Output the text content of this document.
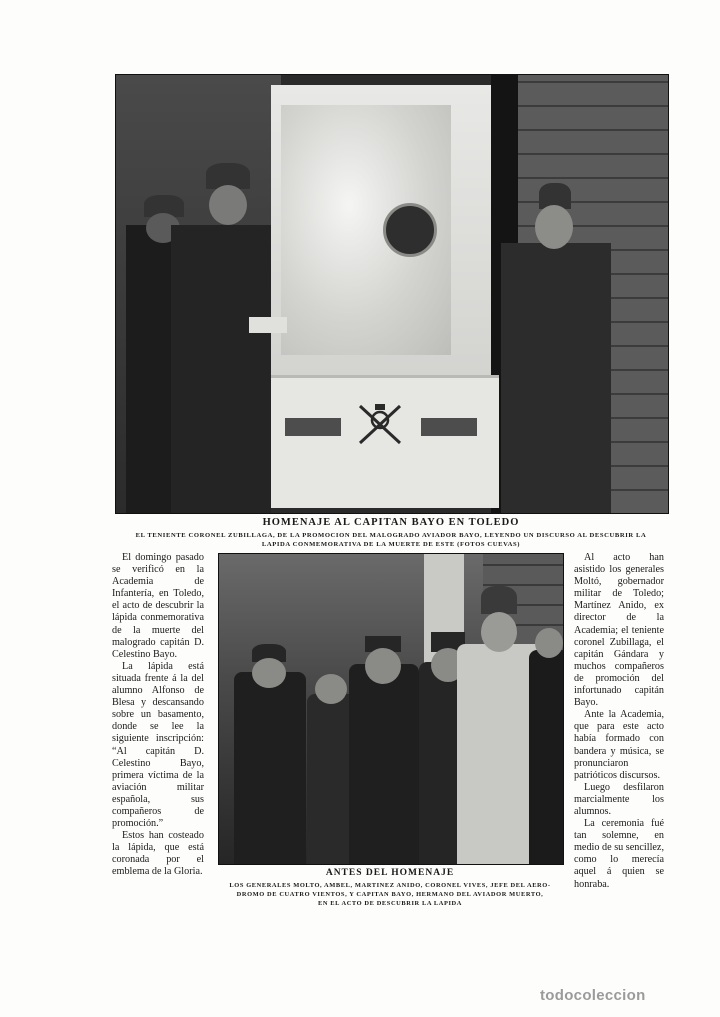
HOMENAJE AL CAPITAN BAYO EN TOLEDO
EL TENIENTE CORONEL ZUBILLAGA, DE LA PROMOCION DEL MALOGRADO AVIADOR BAYO, LEYENDO UN DISCURSO AL DESCUBRIR LA
LAPIDA CONMEMORATIVA DE LA MUERTE DE ESTE (FOTOS CUEVAS)

El domingo pasado se verificó en la Academia de Infantería, en Toledo, el acto de descubrir la lápida conmemorativa de la muerte del malogrado capitán D. Celestino Bayo.

La lápida está situada frente á la del alumno Alfonso de Blesa y descansando sobre un basamento, donde se lee la siguiente inscripción: “Al capitán D. Celestino Bayo, primera víctima de la aviación militar española, sus compañeros de promoción.”

Estos han costeado la lápida, que está coronada por el emblema de la Gloria.	ANTES DEL HOMENAJE
LOS GENERALES MOLTO, AMBEL, MARTINEZ ANIDO, CORONEL VIVES, JEFE DEL AERO-
DROMO DE CUATRO VIENTOS, Y CAPITAN BAYO, HERMANO DEL AVIADOR MUERTO,
EN EL ACTO DE DESCUBRIR LA LAPIDA

Al acto han asistido los generales Moltó, gobernador militar de Toledo; Martínez Anido, ex director de la Academia; el teniente coronel Zubillaga, el capitán Gándara y muchos compañeros de promoción del infortunado capitán Bayo.

Ante la Academia, que para este acto había formado con bandera y música, se pronunciaron patrióticos discursos.

Luego desfilaron marcialmente los alumnos.

La ceremonia fué tan solemne, en medio de su sencillez, como lo merecía aquel á quien se honraba.

todocoleccion
